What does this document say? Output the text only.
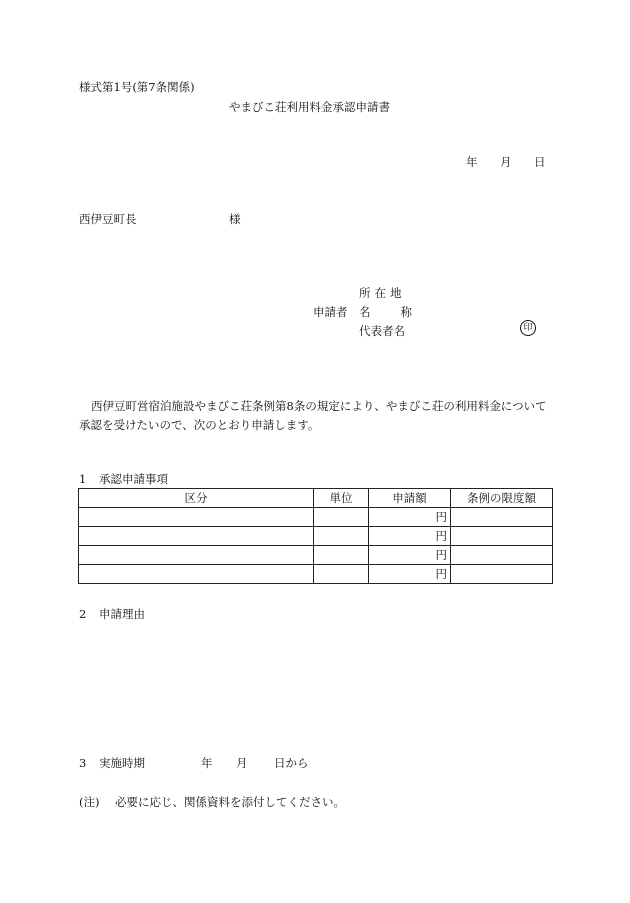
様式第1号(第7条関係)
やまびこ荘利用料金承認申請書
年 月 日
西伊豆町長	様
申請者
所在地
名	称
代表者名	印
西伊豆町営宿泊施設やまびこ荘条例第8条の規定により、やまびこ荘の利用料金について承認を受けたいので、次のとおり申請します。
1 承認申請事項
区分	単位	申請額	条例の限度額
		円	
		円	
		円	
		円	
2 申請理由
3 実施時期	年 月 日から
(注) 必要に応じ、関係資料を添付してください。
